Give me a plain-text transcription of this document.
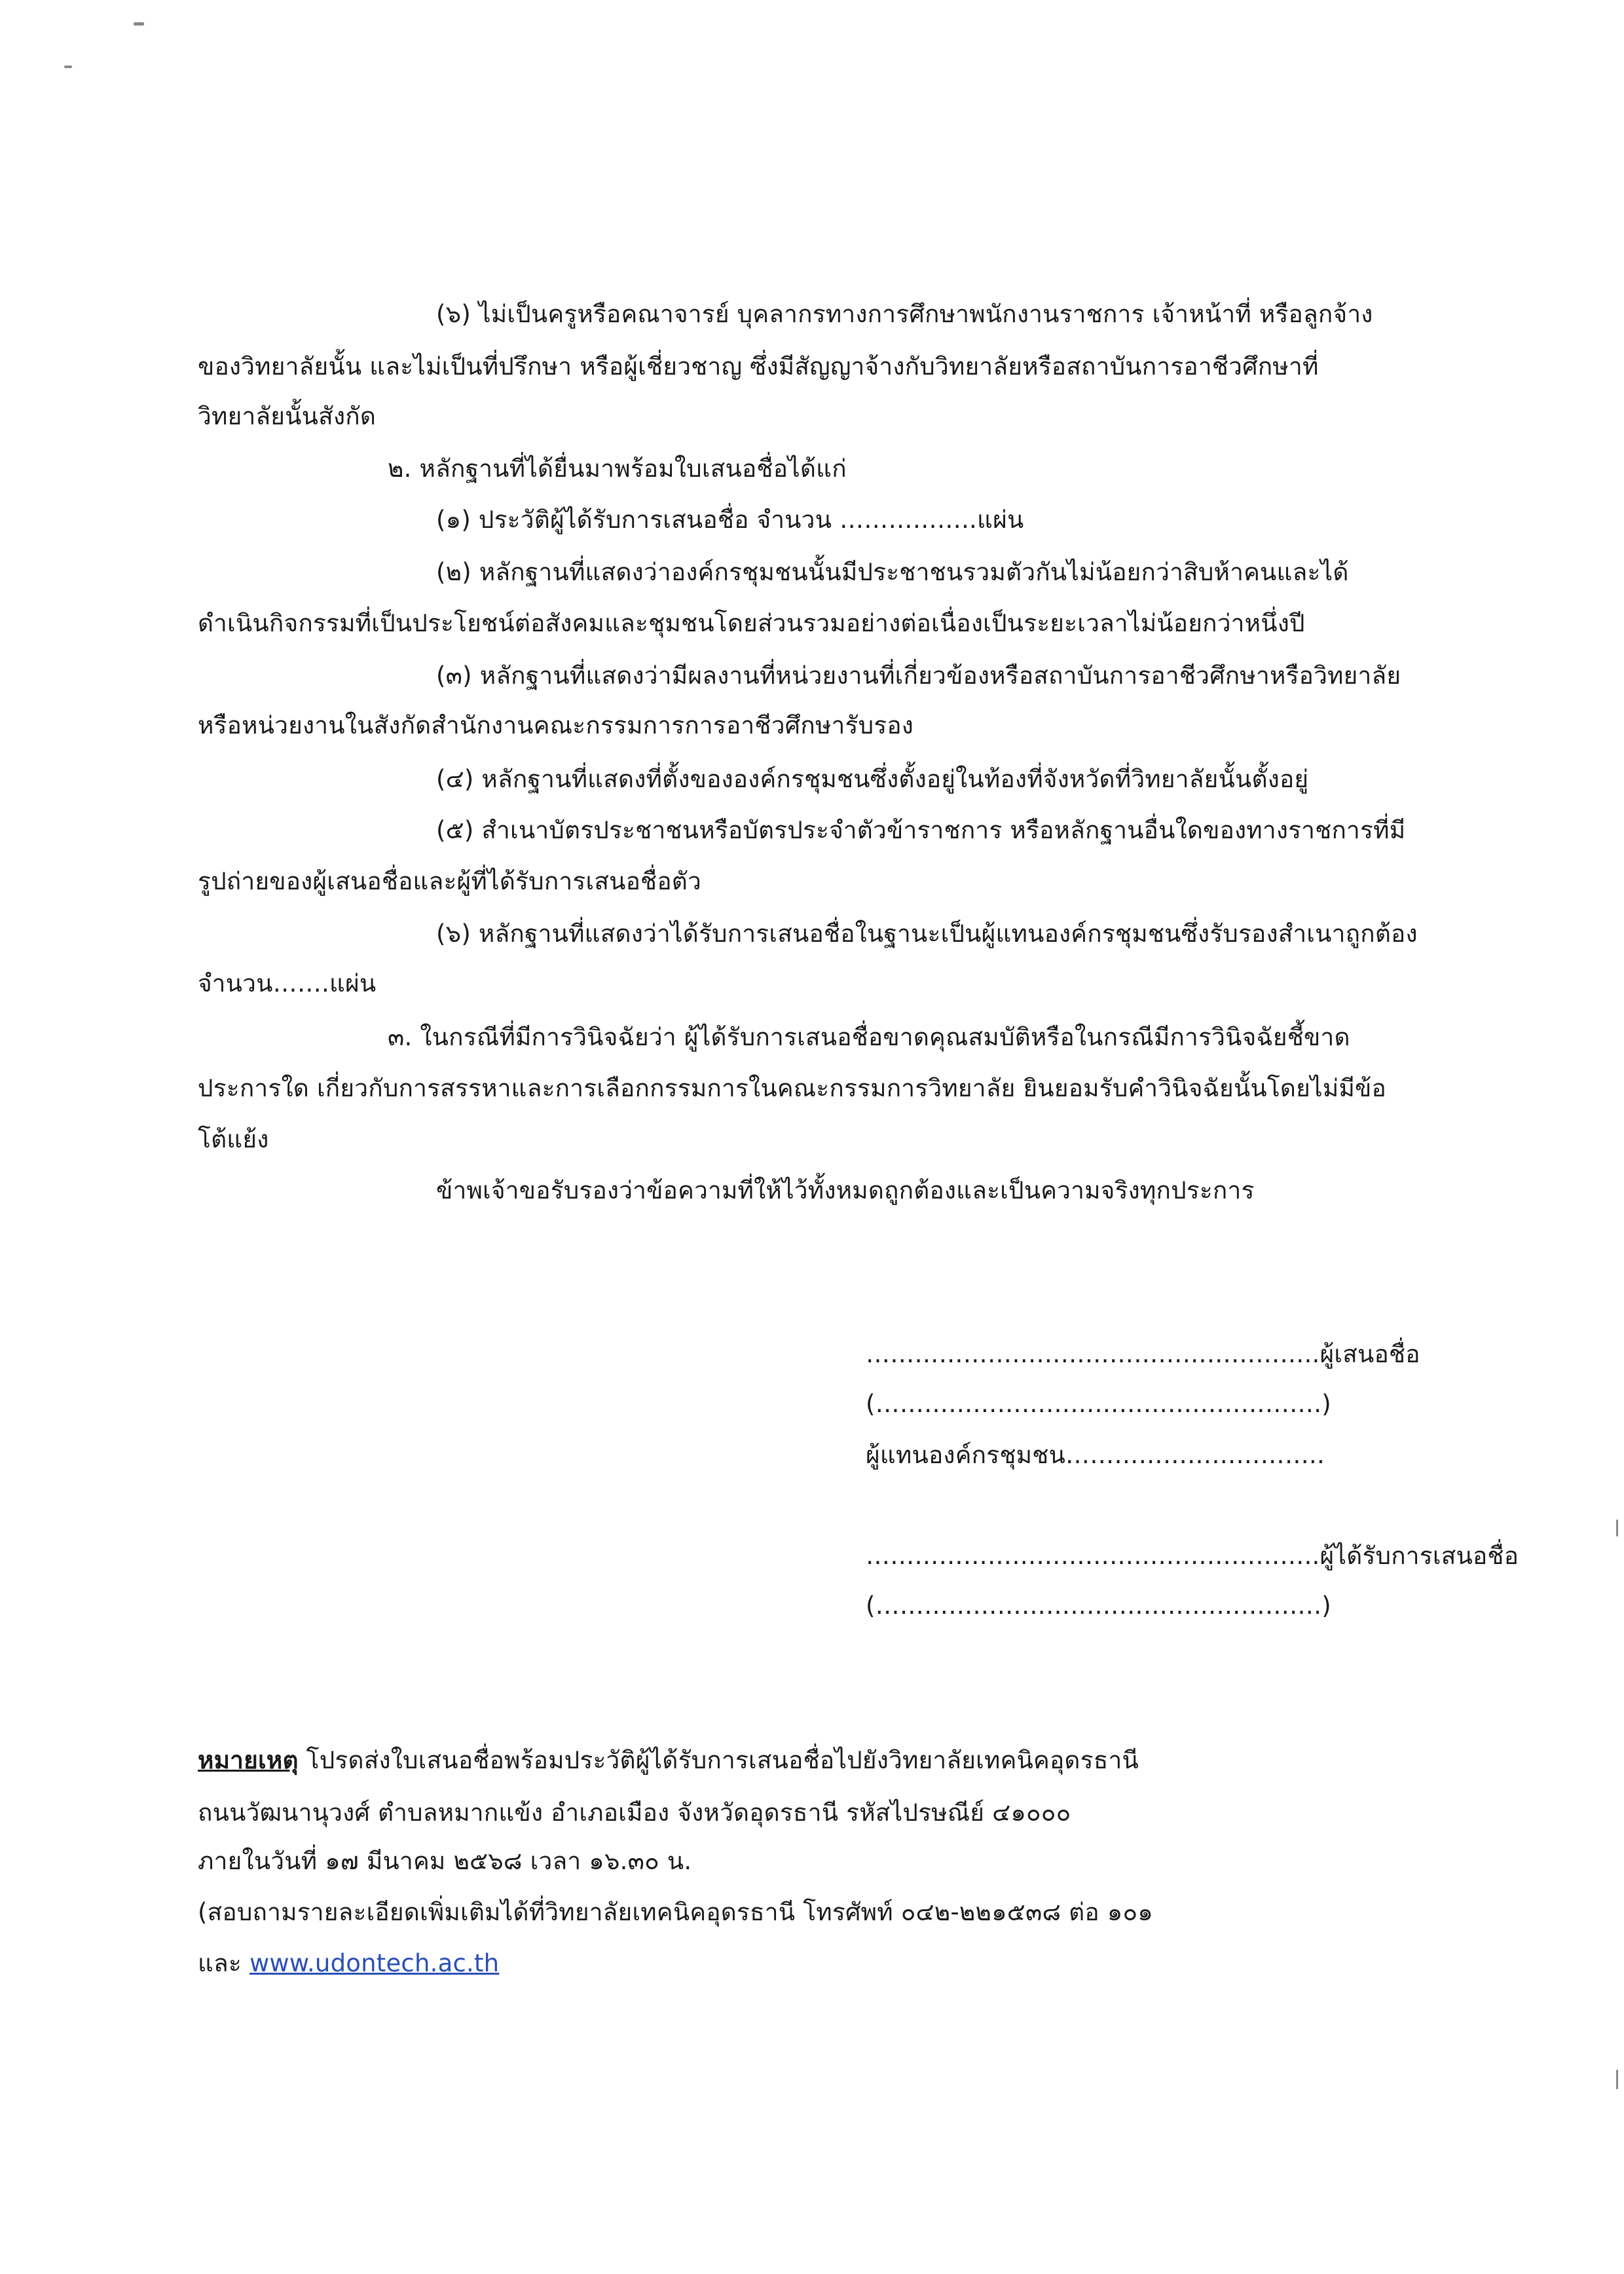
(๖) ไม่เป็นครูหรือคณาจารย์ บุคลากรทางการศึกษาพนักงานราชการ เจ้าหน้าที่ หรือลูกจ้าง
ของวิทยาลัยนั้น และไม่เป็นที่ปรึกษา หรือผู้เชี่ยวชาญ ซึ่งมีสัญญาจ้างกับวิทยาลัยหรือสถาบันการอาชีวศึกษาที่
วิทยาลัยนั้นสังกัด
๒. หลักฐานที่ได้ยื่นมาพร้อมใบเสนอชื่อได้แก่
(๑) ประวัติผู้ได้รับการเสนอชื่อ จำนวน ……………..แผ่น
(๒) หลักฐานที่แสดงว่าองค์กรชุมชนนั้นมีประชาชนรวมตัวกันไม่น้อยกว่าสิบห้าคนและได้
ดำเนินกิจกรรมที่เป็นประโยชน์ต่อสังคมและชุมชนโดยส่วนรวมอย่างต่อเนื่องเป็นระยะเวลาไม่น้อยกว่าหนึ่งปี
(๓) หลักฐานที่แสดงว่ามีผลงานที่หน่วยงานที่เกี่ยวข้องหรือสถาบันการอาชีวศึกษาหรือวิทยาลัย
หรือหน่วยงานในสังกัดสำนักงานคณะกรรมการการอาชีวศึกษารับรอง
(๔) หลักฐานที่แสดงที่ตั้งขององค์กรชุมชนซึ่งตั้งอยู่ในท้องที่จังหวัดที่วิทยาลัยนั้นตั้งอยู่
(๕) สำเนาบัตรประชาชนหรือบัตรประจำตัวข้าราชการ หรือหลักฐานอื่นใดของทางราชการที่มี
รูปถ่ายของผู้เสนอชื่อและผู้ที่ได้รับการเสนอชื่อตัว
(๖) หลักฐานที่แสดงว่าได้รับการเสนอชื่อในฐานะเป็นผู้แทนองค์กรชุมชนซึ่งรับรองสำเนาถูกต้อง
จำนวน…….แผ่น
๓. ในกรณีที่มีการวินิจฉัยว่า ผู้ได้รับการเสนอชื่อขาดคุณสมบัติหรือในกรณีมีการวินิจฉัยชี้ขาด
ประการใด เกี่ยวกับการสรรหาและการเลือกกรรมการในคณะกรรมการวิทยาลัย ยินยอมรับคำวินิจฉัยนั้นโดยไม่มีข้อ
โต้แย้ง
ข้าพเจ้าขอรับรองว่าข้อความที่ให้ไว้ทั้งหมดถูกต้องและเป็นความจริงทุกประการ
………………………………………………..ผู้เสนอชื่อ
(……………………………………………….)
ผู้แทนองค์กรชุมชน…………………………..
………………………………………………..ผู้ได้รับการเสนอชื่อ
(……………………………………………….)
หมายเหตุ โปรดส่งใบเสนอชื่อพร้อมประวัติผู้ได้รับการเสนอชื่อไปยังวิทยาลัยเทคนิคอุดรธานี
ถนนวัฒนานุวงศ์ ตำบลหมากแข้ง อำเภอเมือง จังหวัดอุดรธานี รหัสไปรษณีย์ ๔๑๐๐๐
ภายในวันที่ ๑๗ มีนาคม ๒๕๖๘ เวลา ๑๖.๓๐ น.
(สอบถามรายละเอียดเพิ่มเติมได้ที่วิทยาลัยเทคนิคอุดรธานี โทรศัพท์ ๐๔๒-๒๒๑๕๓๘ ต่อ ๑๐๑
และ www.udontech.ac.th
